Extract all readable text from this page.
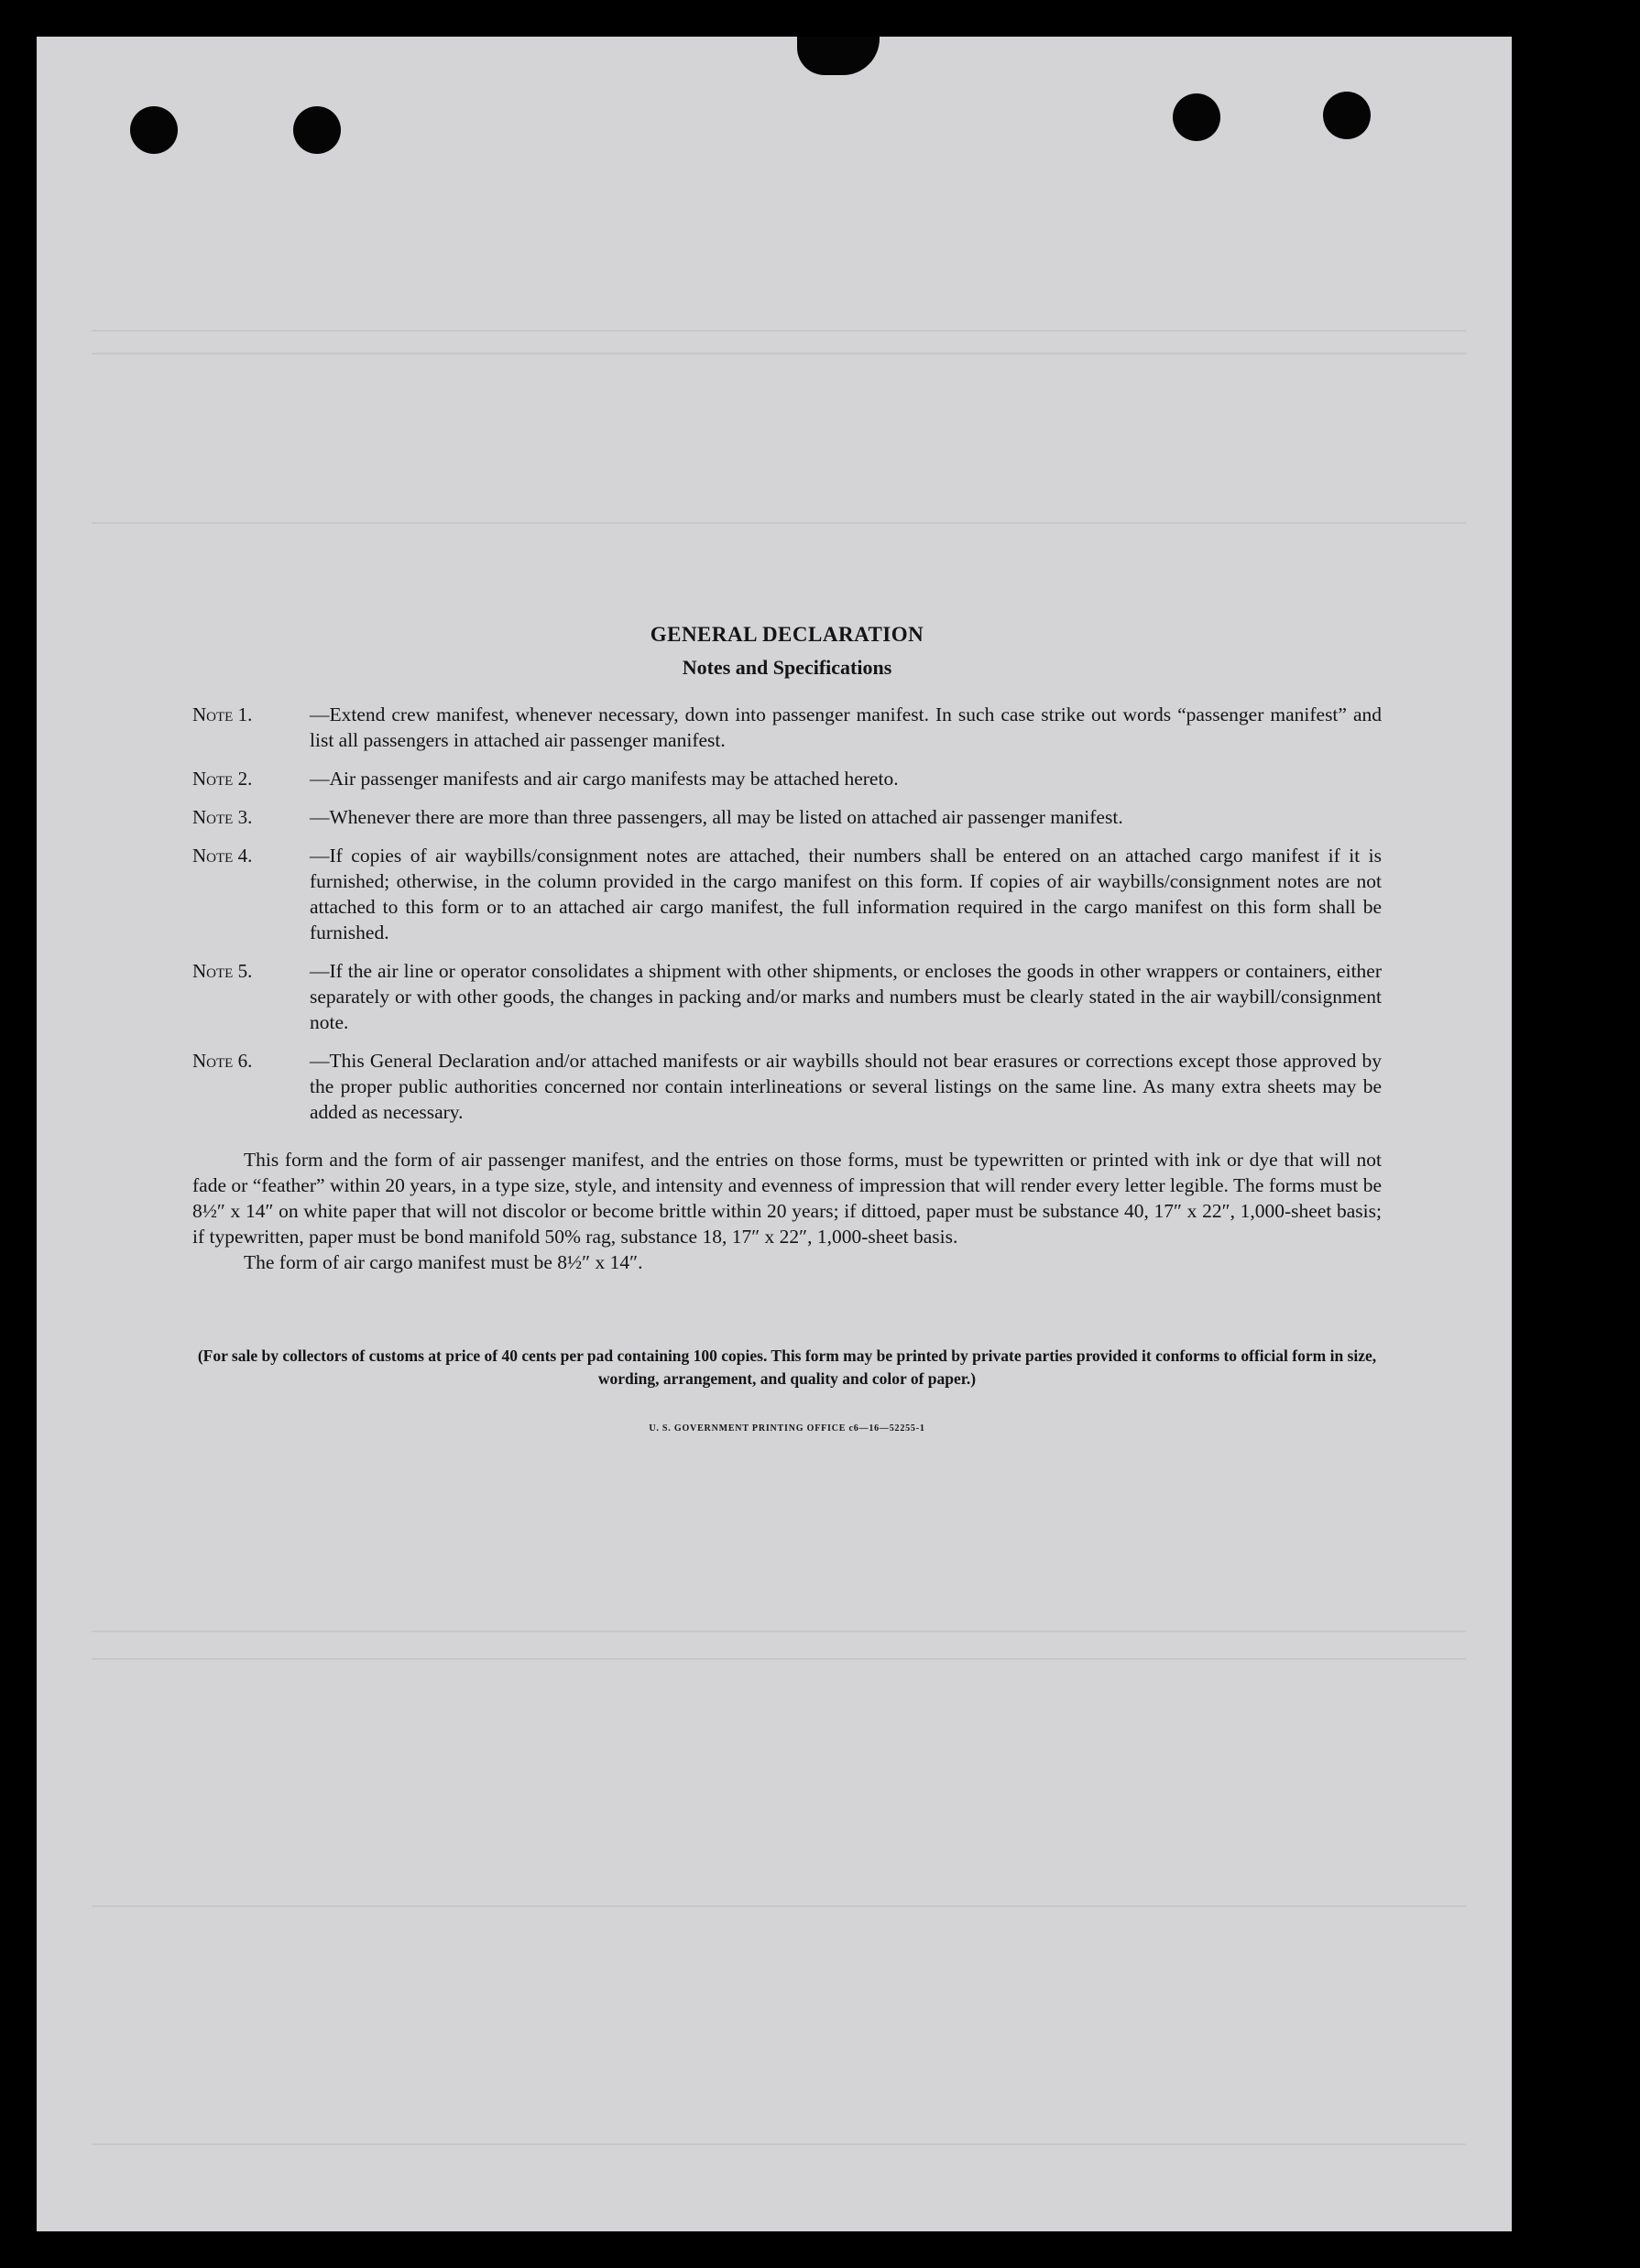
GENERAL DECLARATION
Notes and Specifications
Note 1.	—Extend crew manifest, whenever necessary, down into passenger manifest. In such case strike out words “passenger manifest” and list all passengers in attached air passenger manifest.
Note 2.	—Air passenger manifests and air cargo manifests may be attached hereto.
Note 3.	—Whenever there are more than three passengers, all may be listed on attached air passenger manifest.
Note 4.	—If copies of air waybills/consignment notes are attached, their numbers shall be entered on an attached cargo manifest if it is furnished; otherwise, in the column provided in the cargo manifest on this form. If copies of air waybills/consignment notes are not attached to this form or to an attached air cargo manifest, the full information required in the cargo manifest on this form shall be furnished.
Note 5.	—If the air line or operator consolidates a shipment with other shipments, or encloses the goods in other wrappers or containers, either separately or with other goods, the changes in packing and/or marks and numbers must be clearly stated in the air waybill/consignment note.
Note 6.	—This General Declaration and/or attached manifests or air waybills should not bear erasures or corrections except those approved by the proper public authorities concerned nor contain interlineations or several listings on the same line. As many extra sheets may be added as necessary.

This form and the form of air passenger manifest, and the entries on those forms, must be typewritten or printed with ink or dye that will not fade or “feather” within 20 years, in a type size, style, and intensity and evenness of impression that will render every letter legible. The forms must be 8½″ x 14″ on white paper that will not discolor or become brittle within 20 years; if dittoed, paper must be substance 40, 17″ x 22″, 1,000-sheet basis; if typewritten, paper must be bond manifold 50% rag, substance 18, 17″ x 22″, 1,000-sheet basis.

The form of air cargo manifest must be 8½″ x 14″.

(For sale by collectors of customs at price of 40 cents per pad containing 100 copies. This form may be printed by private parties provided it conforms to official form in size, wording, arrangement, and quality and color of paper.)
U. S. GOVERNMENT PRINTING OFFICE c6—16—52255-1
